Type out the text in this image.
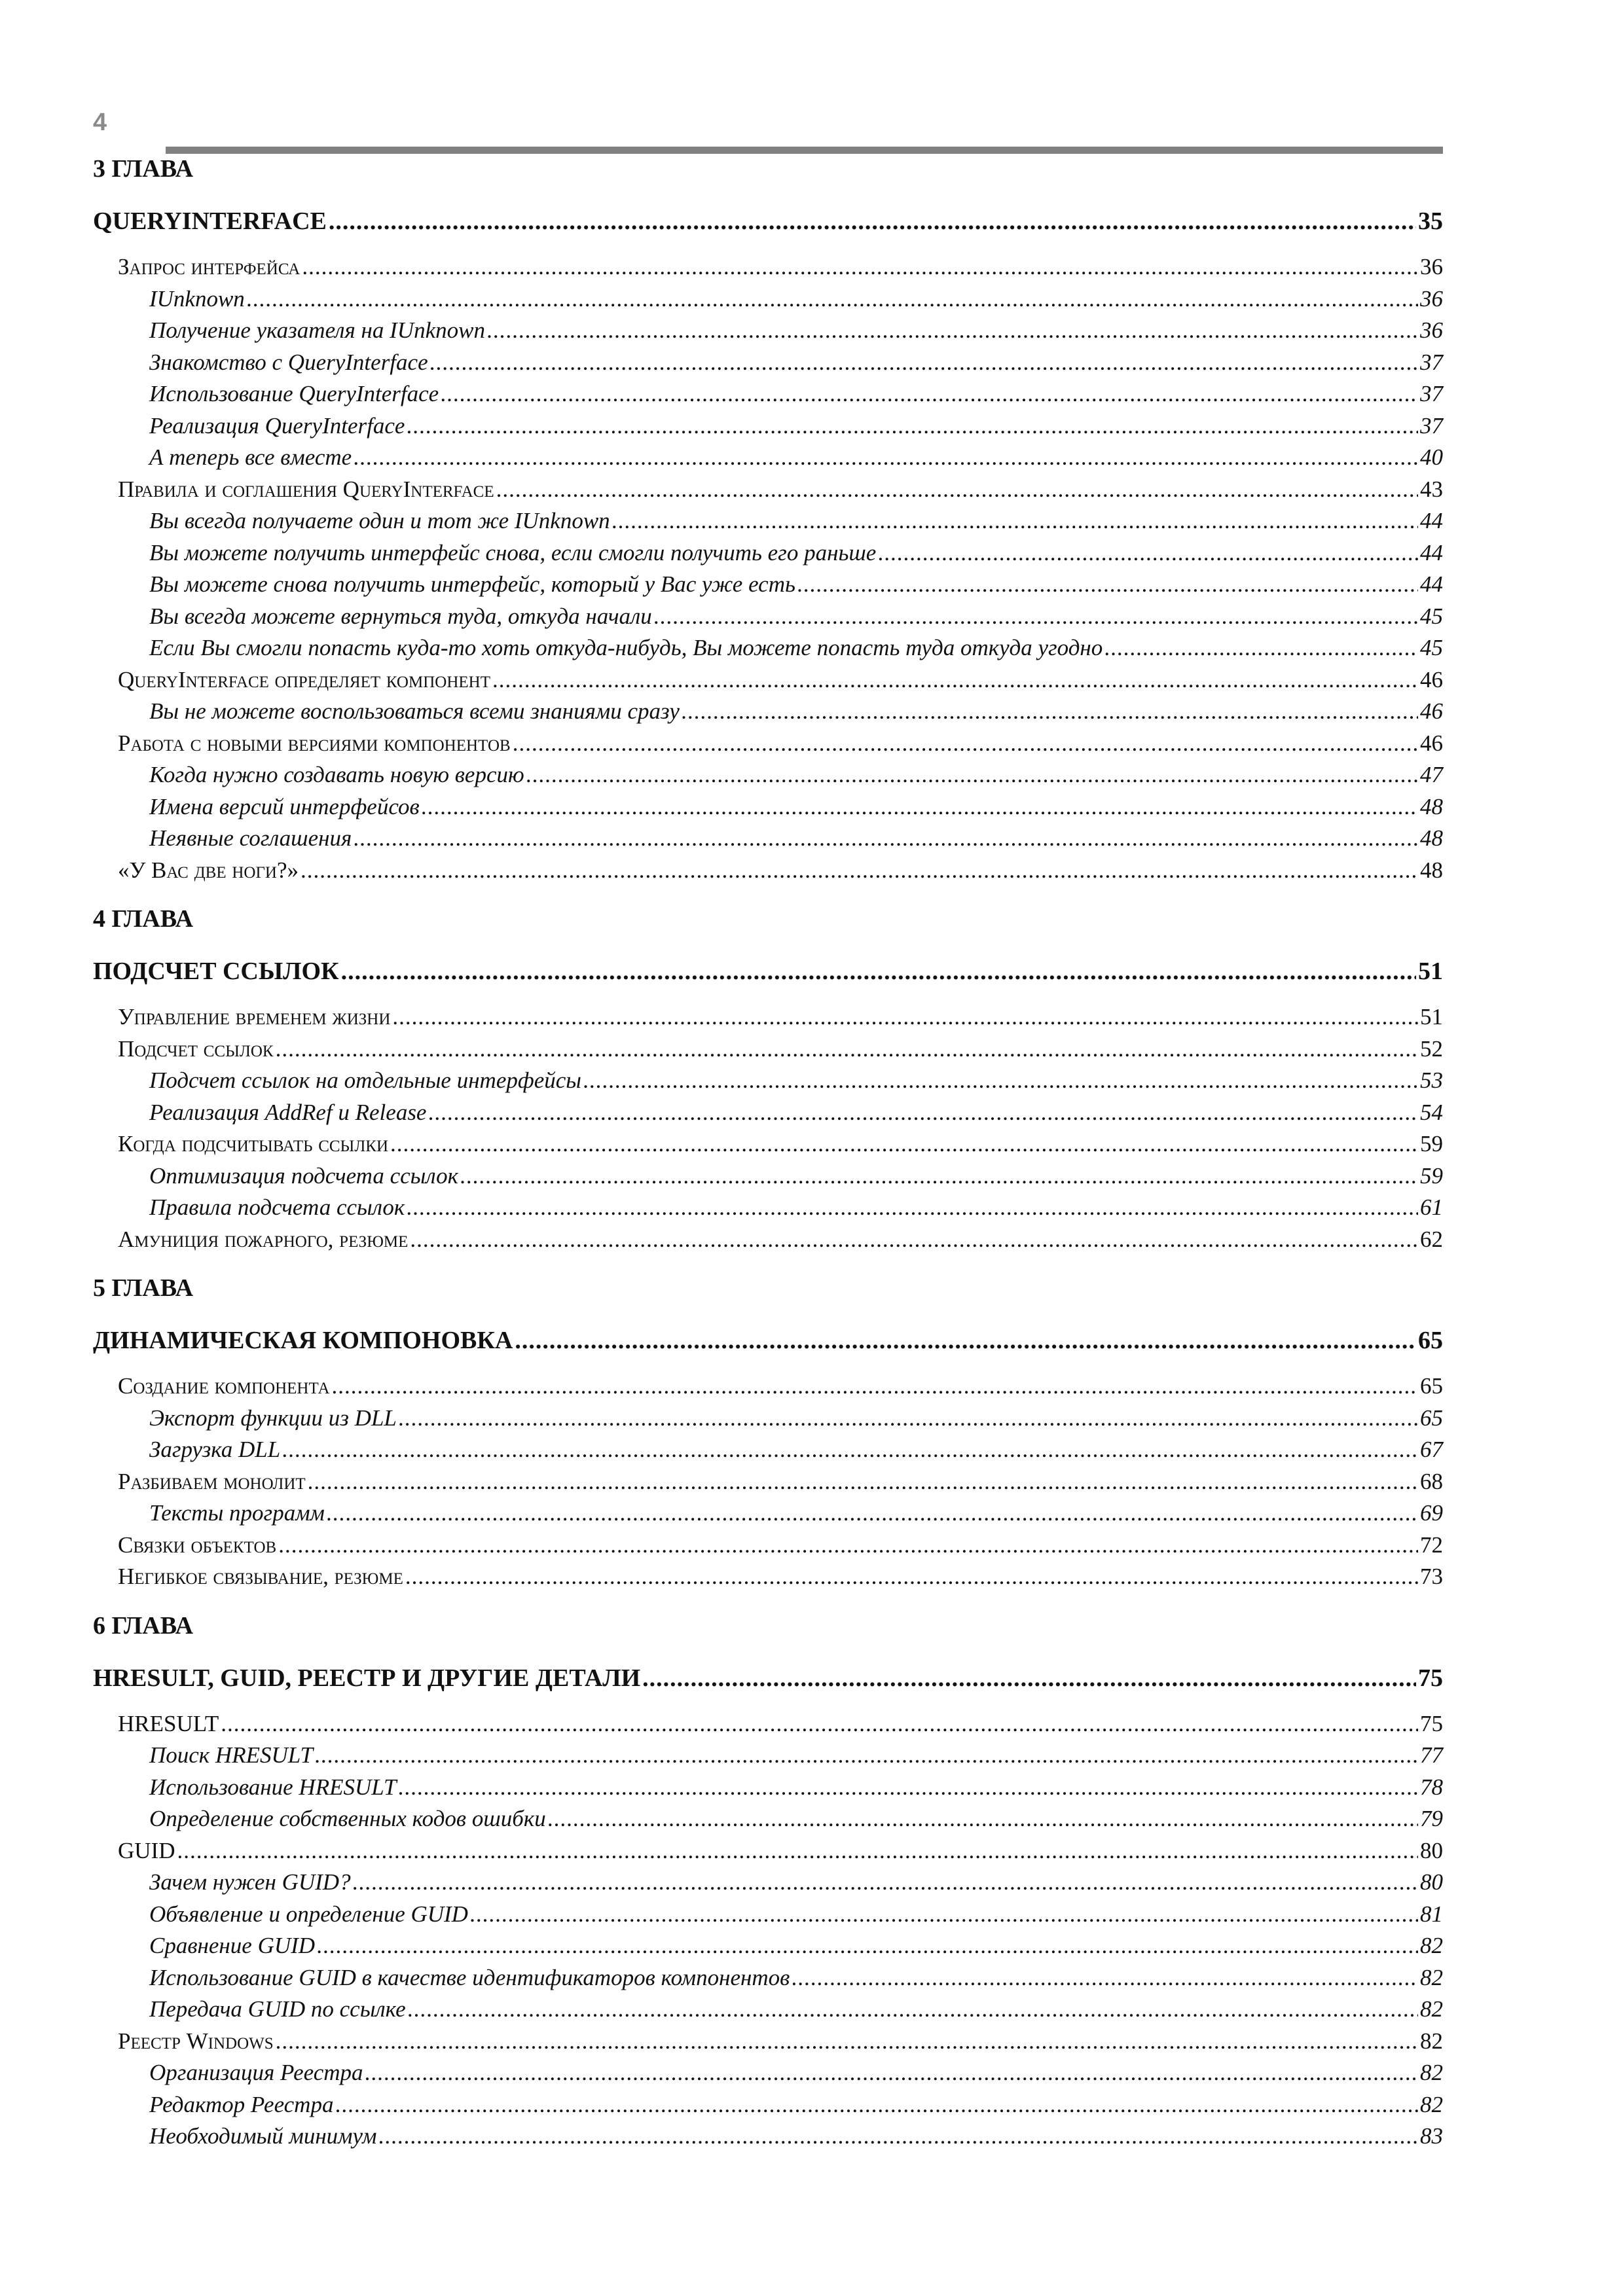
4
3 ГЛАВА
QUERYINTERFACE .....	35
Запрос интерфейса .....	36
IUnknown .....	36
Получение указателя на IUnknown .....	36
Знакомство с QueryInterface .....	37
Использование QueryInterface .....	37
Реализация QueryInterface .....	37
А теперь все вместе .....	40
Правила и соглашения QueryInterface .....	43
Вы всегда получаете один и тот же IUnknown .....	44
Вы можете получить интерфейс снова, если смогли получить его раньше .....	44
Вы можете снова получить интерфейс, который у Вас уже есть .....	44
Вы всегда можете вернуться туда, откуда начали .....	45
Если Вы смогли попасть куда-то хоть откуда-нибудь, Вы можете попасть туда откуда угодно .....	45
QueryInterface определяет компонент .....	46
Вы не можете воспользоваться всеми знаниями сразу .....	46
Работа с новыми версиями компонентов .....	46
Когда нужно создавать новую версию .....	47
Имена версий интерфейсов .....	48
Неявные соглашения .....	48
«У Вас две ноги?» .....	48
4 ГЛАВА
ПОДСЧЕТ ССЫЛОК .....	51
Управление временем жизни .....	51
Подсчет ссылок .....	52
Подсчет ссылок на отдельные интерфейсы .....	53
Реализация AddRef и Release .....	54
Когда подсчитывать ссылки .....	59
Оптимизация подсчета ссылок .....	59
Правила подсчета ссылок .....	61
Амуниция пожарного, резюме .....	62
5 ГЛАВА
ДИНАМИЧЕСКАЯ КОМПОНОВКА .....	65
Создание компонента .....	65
Экспорт функции из DLL .....	65
Загрузка DLL .....	67
Разбиваем монолит .....	68
Тексты программ .....	69
Связки объектов .....	72
Негибкое связывание, резюме .....	73
6 ГЛАВА
HRESULT, GUID, РЕЕСТР И ДРУГИЕ ДЕТАЛИ .....	75
HRESULT .....	75
Поиск HRESULT .....	77
Использование HRESULT .....	78
Определение собственных кодов ошибки .....	79
GUID .....	80
Зачем нужен GUID? .....	80
Объявление и определение GUID .....	81
Сравнение GUID .....	82
Использование GUID в качестве идентификаторов компонентов .....	82
Передача GUID по ссылке .....	82
Реестр Windows .....	82
Организация Реестра .....	82
Редактор Реестра .....	82
Необходимый минимум .....	83
